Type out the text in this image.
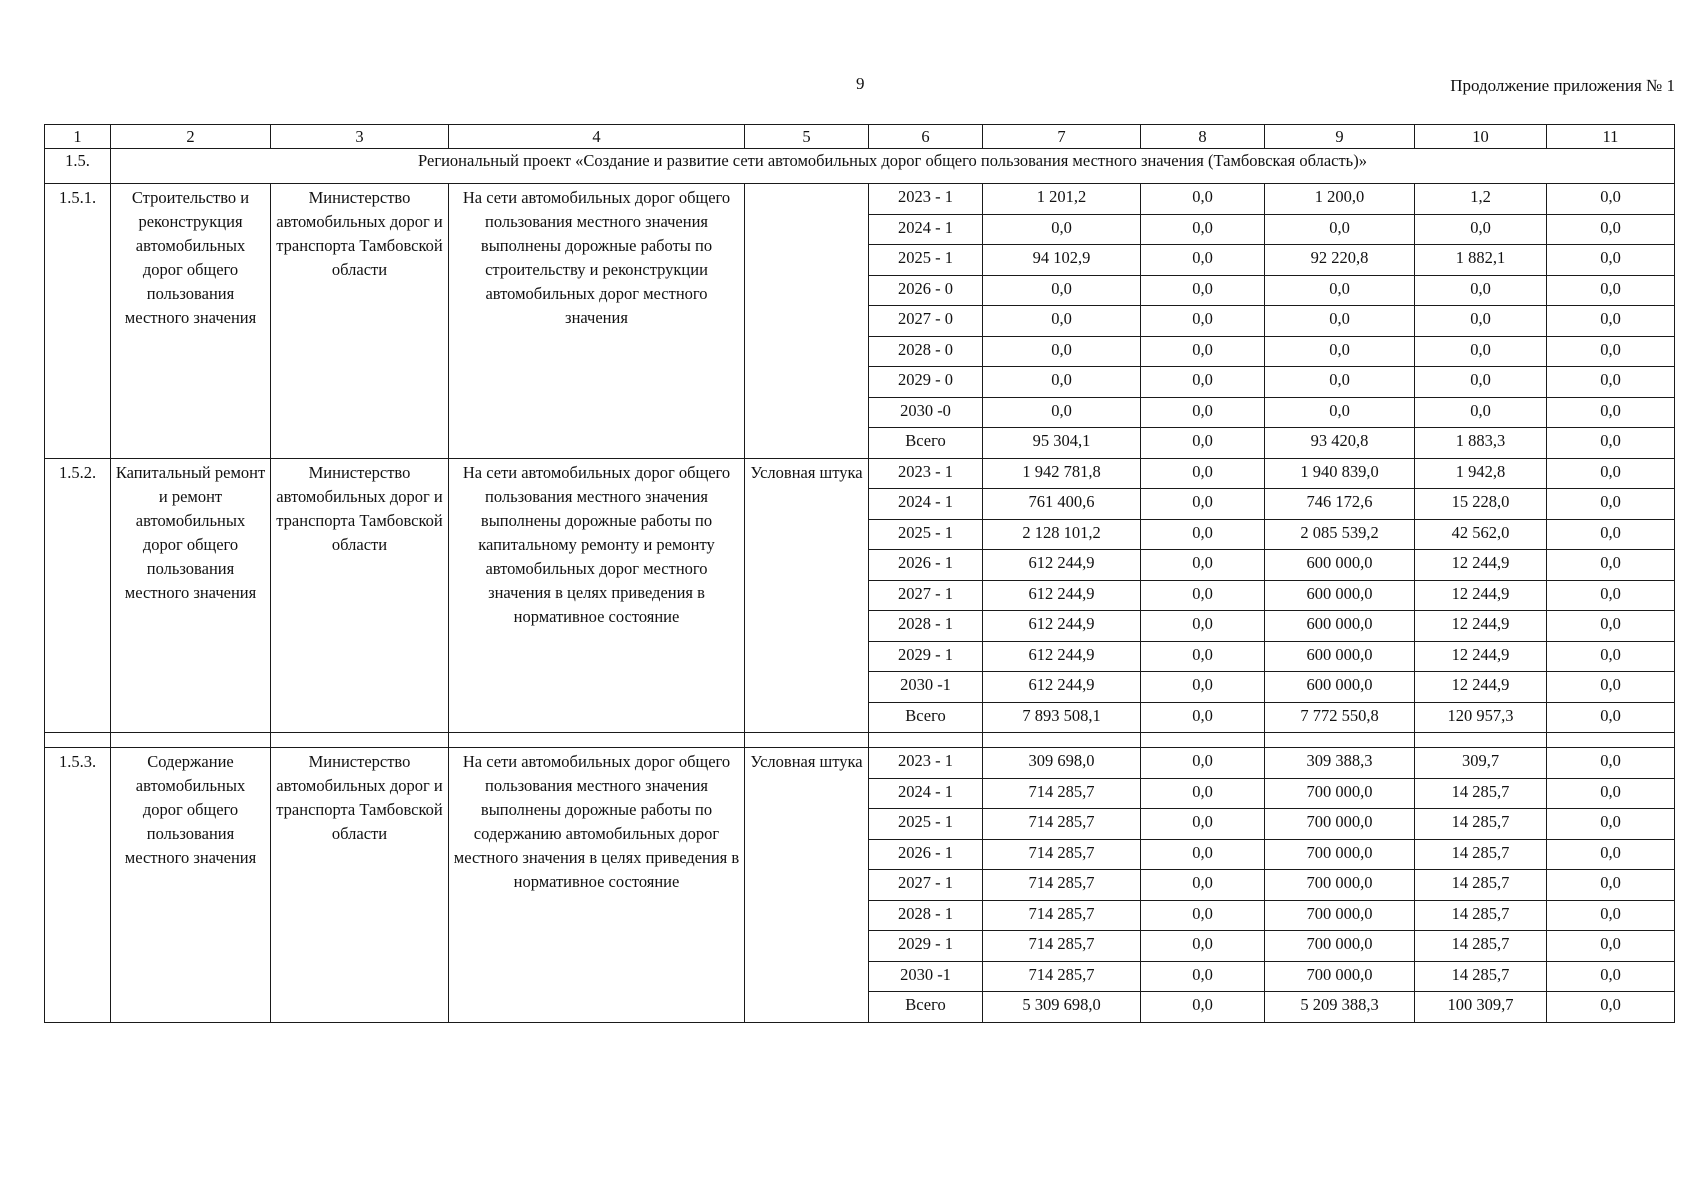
9	Продолжение приложения № 1
1	2	3	4	5	6	7	8	9	10	11
1.5.	Региональный проект «Создание и развитие сети автомобильных дорог общего пользования местного значения (Тамбовская область)»									
1.5.1.	Строительство и реконструкция автомобильных дорог общего пользования местного значения	Министерство автомобильных дорог и транспорта Тамбовской области	На сети автомобильных дорог общего пользования местного значения выполнены дорожные работы по строительству и реконструкции автомобильных дорог местного значения		2023 - 1	1 201,2	0,0	1 200,0	1,2	0,0
					2024 - 1	0,0	0,0	0,0	0,0	0,0
					2025 - 1	94 102,9	0,0	92 220,8	1 882,1	0,0
					2026 - 0	0,0	0,0	0,0	0,0	0,0
					2027 - 0	0,0	0,0	0,0	0,0	0,0
					2028 - 0	0,0	0,0	0,0	0,0	0,0
					2029 - 0	0,0	0,0	0,0	0,0	0,0
					2030 -0	0,0	0,0	0,0	0,0	0,0
					Всего	95 304,1	0,0	93 420,8	1 883,3	0,0
1.5.2.	Капитальный ремонт и ремонт автомобильных дорог общего пользования местного значения	Министерство автомобильных дорог и транспорта Тамбовской области	На сети автомобильных дорог общего пользования местного значения выполнены дорожные работы по капитальному ремонту и ремонту автомобильных дорог местного значения в целях приведения в нормативное состояние	Условная штука	2023 - 1	1 942 781,8	0,0	1 940 839,0	1 942,8	0,0
					2024 - 1	761 400,6	0,0	746 172,6	15 228,0	0,0
					2025 - 1	2 128 101,2	0,0	2 085 539,2	42 562,0	0,0
					2026 - 1	612 244,9	0,0	600 000,0	12 244,9	0,0
					2027 - 1	612 244,9	0,0	600 000,0	12 244,9	0,0
					2028 - 1	612 244,9	0,0	600 000,0	12 244,9	0,0
					2029 - 1	612 244,9	0,0	600 000,0	12 244,9	0,0
					2030 -1	612 244,9	0,0	600 000,0	12 244,9	0,0
					Всего	7 893 508,1	0,0	7 772 550,8	120 957,3	0,0

1.5.3.	Содержание автомобильных дорог общего пользования местного значения	Министерство автомобильных дорог и транспорта Тамбовской области	На сети автомобильных дорог общего пользования местного значения выполнены дорожные работы по содержанию автомобильных дорог местного значения в целях приведения в нормативное состояние	Условная штука	2023 - 1	309 698,0	0,0	309 388,3	309,7	0,0
					2024 - 1	714 285,7	0,0	700 000,0	14 285,7	0,0
					2025 - 1	714 285,7	0,0	700 000,0	14 285,7	0,0
					2026 - 1	714 285,7	0,0	700 000,0	14 285,7	0,0
					2027 - 1	714 285,7	0,0	700 000,0	14 285,7	0,0
					2028 - 1	714 285,7	0,0	700 000,0	14 285,7	0,0
					2029 - 1	714 285,7	0,0	700 000,0	14 285,7	0,0
					2030 -1	714 285,7	0,0	700 000,0	14 285,7	0,0
					Всего	5 309 698,0	0,0	5 209 388,3	100 309,7	0,0
